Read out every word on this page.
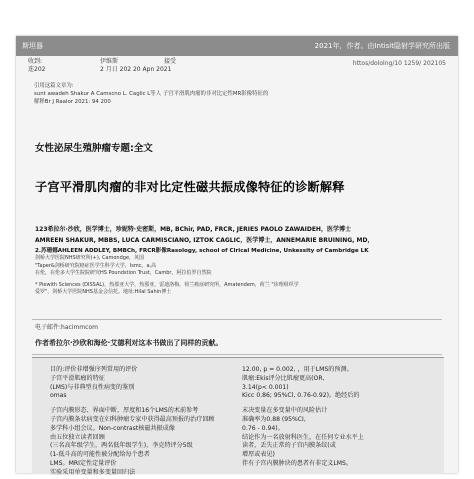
斯坦器	2021年，作者。由Intisit隐射学研究所出版
收到:
连202
伊维斯
2 月日 202 20 Apn 2021
接受	httos/dololng/10 1259/ 202105
引用这篇文章为:
sunt awadeh Shakur A Camscno L. Caglic L等人 子宫平滑肌肉瘤的非对比定性MR影像特征的
解释Br J Raalor 2021: 94 200
女性泌尿生殖肿瘤专题:全文
子宫平滑肌肉瘤的非对比定性磁共振成像特征的诊断解释
123希拉尔·沙欣，医学博士，珍妮特·史密斯，MB, BChir, PAD, FRCR, JERIES PAOLO ZAWAIDEH，医学博士
AMREEN SHAKUR, MBBS, LUCA CARMISCIANO, IZTOK CAGLIC，医学博士，ANNEMARIE BRUINING, MD，
2.苏珊娜AHLEEN ADDLEY, BMBCh, FRCR影像Rasology, school of Clrical Medicine, Unkessity of Cambridge LK
剑桥大学医院NHS研究所(+), Camondge，英国
"Taper&剑桥研究院癌症医学生科学大学，Ismc。a,高
在伦，在伦多大学生院院研究HS Poundstion Trust，Cambr，阿拉伯罗自然院
* Piewith Sciences (DISSAL)，热那亚大学，热那亚，雷迪洛梅，荷兰癌症研究所，Amatendem，荷兰 "诊理组织学
爱罗"，剑桥大学医院NHS基金会信托。地址:Hilal Sahin博士
电子邮件:hacimmcom
作者希拉尔·沙欣和海伦·艾德利对这本书做出了同样的贡献。
目的:评价非增强序列常用的评价
子宫平滑肌瘤的特征
(LMS)与非典型良性病变的鉴别
omas
子宫内膜形态、界面中断、厚度和16个LMS的术前参考
子宫内膜条状病变在妇科肿瘤专家中获得最高预报的治疗回顾
多学科小组会议。Non-contrast核磁共振成像
由五位独立读者回顾
(三名高年级学生，两名低年级学生)，李克特评分5级
(1-低斗高的可能性被分配给每个患者
LMS。MRI定性定量评价
实验采用单变量和多变量回归法
12.00, p = 0.002, ，用于LMS的预测。
肌瘤:Ekis评分比肌瘤更高(OR,
3.14(p< 0.001)
Kicc 0.86; 95%Cl, 0.76-0.92)。绝经后的
末决变量在多变量中的风险估计
准确率为0.88 (95%CI,
0.76 - 0.94)。
结论作为一名放射科医生，在任何专业水平上
读者，丢失正常的子宫内膜条纹(或
增厚或表见)
伴有子宫内膜肿块的患者有非定义LMS。
